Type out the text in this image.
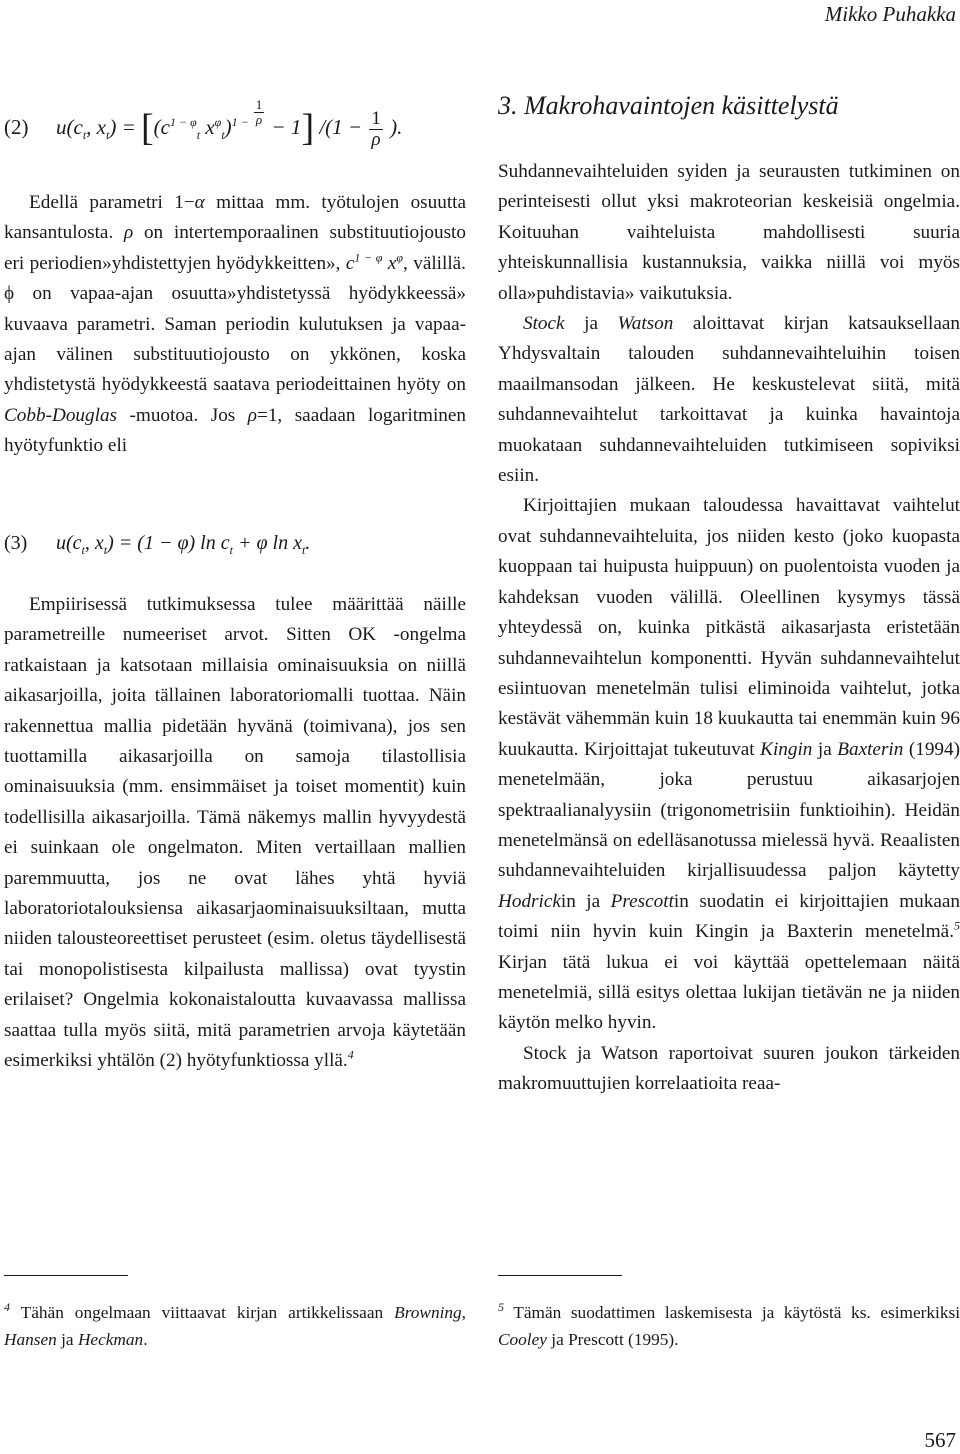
Mikko Puhakka
(2) $u(c_t$, $x_t) = [(c^{1 - \varphi}_t$ $x^\varphi_t)^{1 -} \frac{1}{\rho} - 1$] $/(1 - \frac{1}{\rho}$ ).

Edellä parametri 1−α mittaa mm. työtulojen osuutta kansantulosta. ρ on intertemporaalinen substituutiojousto eri periodien»yhdistettyjen hyödykkeitten», $c^{1 - \varphi}$ $x^\varphi$, välillä. ϕ on vapaa-ajan osuutta»yhdistetyssä hyödykkeessä» kuvaava parametri. Saman periodin kulutuksen ja vapaa-ajan välinen substituutiojousto on ykkönen, koska yhdistetystä hyödykkeestä saatava periodeittainen hyöty on Cobb-Douglas -muotoa. Jos ρ=1, saadaan logaritminen hyötyfunktio eli

(3) $u(c_t$, $x_t) = (1 - \varphi)$ $\ln c_t + \varphi$ $\ln x_t$.

Empiirisessä tutkimuksessa tulee määrittää näille parametreille numeeriset arvot. Sitten OK -ongelma ratkaistaan ja katsotaan millaisia ominaisuuksia on niillä aikasarjoilla, joita tällainen laboratoriomalli tuottaa. Näin rakennettua mallia pidetään hyvänä (toimivana), jos sen tuottamilla aikasarjoilla on samoja tilastollisia ominaisuuksia (mm. ensimmäiset ja toiset momentit) kuin todellisilla aikasarjoilla. Tämä näkemys mallin hyvyydestä ei suinkaan ole ongelmaton. Miten vertaillaan mallien paremmuutta, jos ne ovat lähes yhtä hyviä laboratoriotalouksiensa aikasarjaominaisuuksiltaan, mutta niiden talousteoreettiset perusteet (esim. oletus täydellisestä tai monopolistisesta kilpailusta mallissa) ovat tyystin erilaiset? Ongelmia kokonaistaloutta kuvaavassa mallissa saattaa tulla myös siitä, mitä parametrien arvoja käytetään esimerkiksi yhtälön (2) hyötyfunktiossa yllä.$^4$

$^4$ Tähän ongelmaan viittaavat kirjan artikkelissaan Browning, Hansen ja Heckman.
3. Makrohavaintojen käsittelystä

Suhdannevaihteluiden syiden ja seurausten tutkiminen on perinteisesti ollut yksi makroteorian keskeisiä ongelmia. Koituuhan vaihteluista mahdollisesti suuria yhteiskunnallisia kustannuksia, vaikka niillä voi myös olla»puhdistavia» vaikutuksia.

Stock ja Watson aloittavat kirjan katsauksellaan Yhdysvaltain talouden suhdannevaihteluihin toisen maailmansodan jälkeen. He keskustelevat siitä, mitä suhdannevaihtelut tarkoittavat ja kuinka havaintoja muokataan suhdannevaihteluiden tutkimiseen sopiviksi esiin.

Kirjoittajien mukaan taloudessa havaittavat vaihtelut ovat suhdannevaihteluita, jos niiden kesto (joko kuopasta kuoppaan tai huipusta huippuun) on puolentoista vuoden ja kahdeksan vuoden välillä. Oleellinen kysymys tässä yhteydessä on, kuinka pitkästä aikasarjasta eristetään suhdannevaihtelun komponentti. Hyvän suhdannevaihtelut esiintuovan menetelmän tulisi eliminoida vaihtelut, jotka kestävät vähemmän kuin 18 kuukautta tai enemmän kuin 96 kuukautta. Kirjoittajat tukeutuvat Kingin ja Baxterin (1994) menetelmään, joka perustuu aikasarjojen spektraalianalyysiin (trigonometrisiin funktioihin). Heidän menetelmänsä on edelläsanotussa mielessä hyvä. Reaalisten suhdannevaihteluiden kirjallisuudessa paljon käytetty Hodrickin ja Prescottin suodatin ei kirjoittajien mukaan toimi niin hyvin kuin Kingin ja Baxterin menetelmä.$^5$ Kirjan tätä lukua ei voi käyttää opettelemaan näitä menetelmiä, sillä esitys olettaa lukijan tietävän ne ja niiden käytön melko hyvin.

Stock ja Watson raportoivat suuren joukon tärkeiden makromuuttujien korrelaatioita reaa-

$^5$ Tämän suodattimen laskemisesta ja käytöstä ks. esimerkiksi Cooley ja Prescott (1995).
567
